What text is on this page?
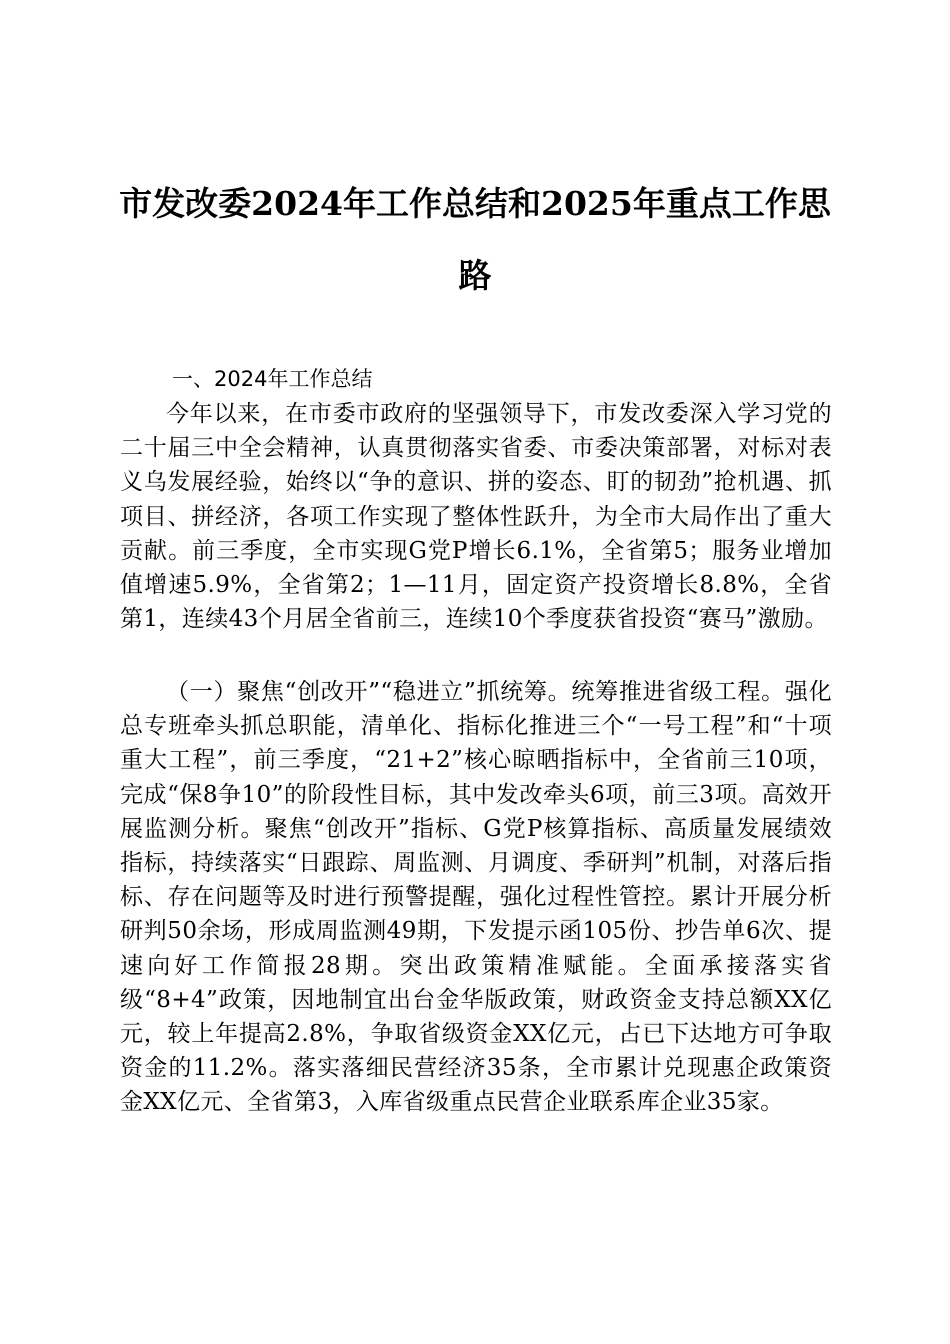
市发改委2024年工作总结和2025年重点工作思路
一、2024年工作总结

今年以来，在市委市政府的坚强领导下，市发改委深入学习党的二十届三中全会精神，认真贯彻落实省委、市委决策部署，对标对表义乌发展经验，始终以“争的意识、拼的姿态、盯的韧劲”抢机遇、抓项目、拼经济，各项工作实现了整体性跃升，为全市大局作出了重大贡献。前三季度，全市实现G党P增长6.1%，全省第5；服务业增加值增速5.9%，全省第2；1—11月，固定资产投资增长8.8%，全省第1，连续43个月居全省前三，连续10个季度获省投资“赛马”激励。

（一）聚焦“创改开”“稳进立”抓统筹。统筹推进省级工程。强化总专班牵头抓总职能，清单化、指标化推进三个“一号工程”和“十项重大工程”，前三季度，“21+2”核心晾晒指标中，全省前三10项，完成“保8争10”的阶段性目标，其中发改牵头6项，前三3项。高效开展监测分析。聚焦“创改开”指标、G党P核算指标、高质量发展绩效指标，持续落实“日跟踪、周监测、月调度、季研判”机制，对落后指标、存在问题等及时进行预警提醒，强化过程性管控。累计开展分析研判50余场，形成周监测49期，下发提示函105份、抄告单6次、提速向好工作简报28期。突出政策精准赋能。全面承接落实省级“8+4”政策，因地制宜出台金华版政策，财政资金支持总额XX亿元，较上年提高2.8%，争取省级资金XX亿元，占已下达地方可争取资金的11.2%。落实落细民营经济35条，全市累计兑现惠企政策资金XX亿元、全省第3，入库省级重点民营企业联系库企业35家。
